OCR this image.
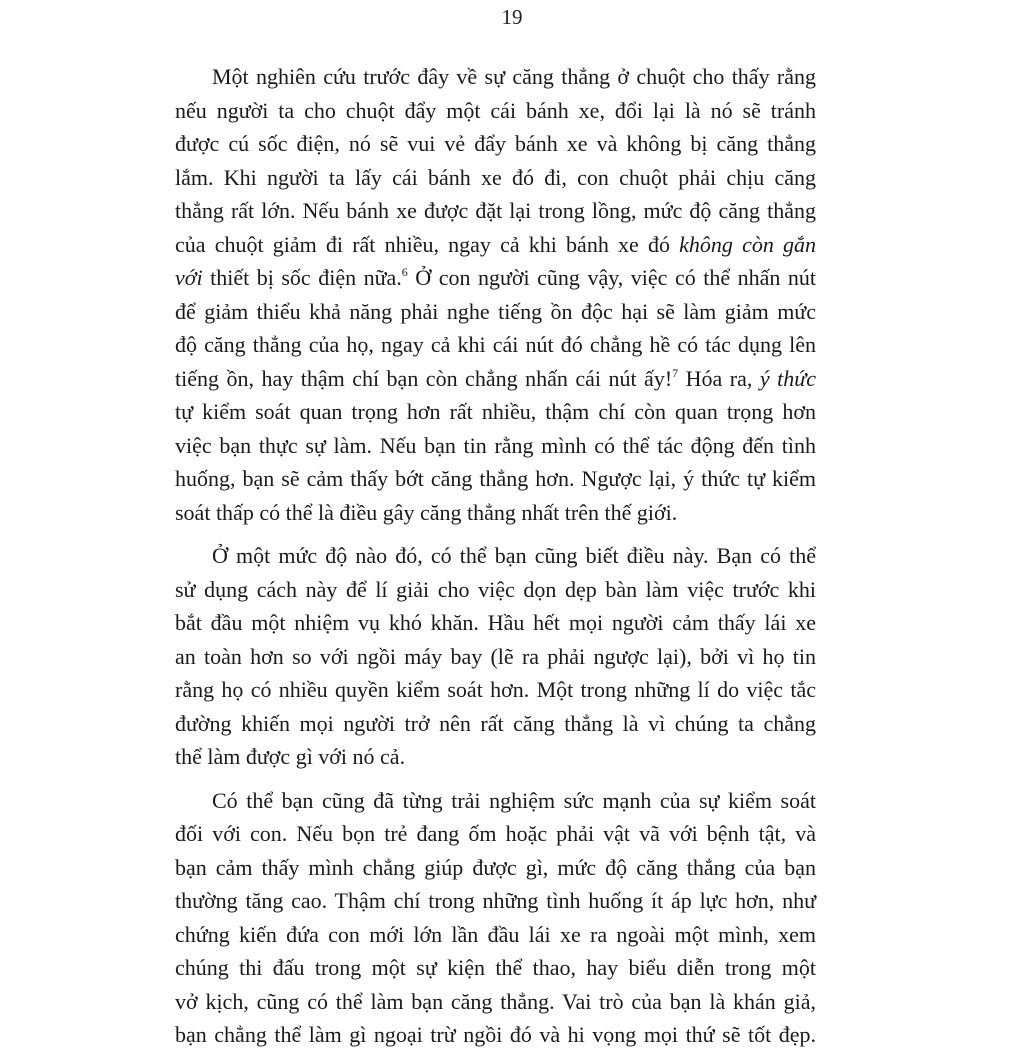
19
Một nghiên cứu trước đây về sự căng thẳng ở chuột cho thấy rằng
nếu người ta cho chuột đẩy một cái bánh xe, đổi lại là nó sẽ tránh
được cú sốc điện, nó sẽ vui vẻ đẩy bánh xe và không bị căng thẳng
lắm. Khi người ta lấy cái bánh xe đó đi, con chuột phải chịu căng
thẳng rất lớn. Nếu bánh xe được đặt lại trong lồng, mức độ căng thẳng
của chuột giảm đi rất nhiều, ngay cả khi bánh xe đó không còn gắn
với thiết bị sốc điện nữa.$^6$ Ở con người cũng vậy, việc có thể nhấn nút
để giảm thiểu khả năng phải nghe tiếng ồn độc hại sẽ làm giảm mức
độ căng thẳng của họ, ngay cả khi cái nút đó chẳng hề có tác dụng lên
tiếng ồn, hay thậm chí bạn còn chẳng nhấn cái nút ấy!$^7$ Hóa ra, ý thức
tự kiểm soát quan trọng hơn rất nhiều, thậm chí còn quan trọng hơn
việc bạn thực sự làm. Nếu bạn tin rằng mình có thể tác động đến tình
huống, bạn sẽ cảm thấy bớt căng thẳng hơn. Ngược lại, ý thức tự kiểm
soát thấp có thể là điều gây căng thẳng nhất trên thế giới.
Ở một mức độ nào đó, có thể bạn cũng biết điều này. Bạn có thể
sử dụng cách này để lí giải cho việc dọn dẹp bàn làm việc trước khi
bắt đầu một nhiệm vụ khó khăn. Hầu hết mọi người cảm thấy lái xe
an toàn hơn so với ngồi máy bay (lẽ ra phải ngược lại), bởi vì họ tin
rằng họ có nhiều quyền kiểm soát hơn. Một trong những lí do việc tắc
đường khiến mọi người trở nên rất căng thẳng là vì chúng ta chẳng
thể làm được gì với nó cả.
Có thể bạn cũng đã từng trải nghiệm sức mạnh của sự kiểm soát
đối với con. Nếu bọn trẻ đang ốm hoặc phải vật vã với bệnh tật, và
bạn cảm thấy mình chẳng giúp được gì, mức độ căng thẳng của bạn
thường tăng cao. Thậm chí trong những tình huống ít áp lực hơn, như
chứng kiến đứa con mới lớn lần đầu lái xe ra ngoài một mình, xem
chúng thi đấu trong một sự kiện thể thao, hay biểu diễn trong một
vở kịch, cũng có thể làm bạn căng thẳng. Vai trò của bạn là khán giả,
bạn chẳng thể làm gì ngoại trừ ngồi đó và hi vọng mọi thứ sẽ tốt đẹp.
